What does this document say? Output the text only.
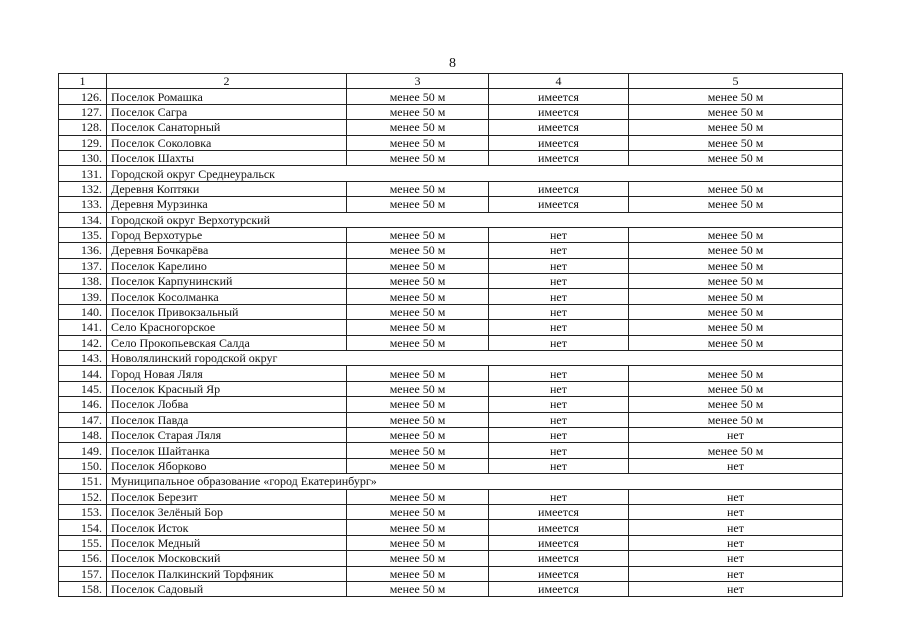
8
1	2	3	4	5
126.	Поселок Ромашка	менее 50 м	имеется	менее 50 м
127.	Поселок Сагра	менее 50 м	имеется	менее 50 м
128.	Поселок Санаторный	менее 50 м	имеется	менее 50 м
129.	Поселок Соколовка	менее 50 м	имеется	менее 50 м
130.	Поселок Шахты	менее 50 м	имеется	менее 50 м
131.	Городской округ Среднеуральск			
132.	Деревня Коптяки	менее 50 м	имеется	менее 50 м
133.	Деревня Мурзинка	менее 50 м	имеется	менее 50 м
134.	Городской округ Верхотурский			
135.	Город Верхотурье	менее 50 м	нет	менее 50 м
136.	Деревня Бочкарёва	менее 50 м	нет	менее 50 м
137.	Поселок Карелино	менее 50 м	нет	менее 50 м
138.	Поселок Карпунинский	менее 50 м	нет	менее 50 м
139.	Поселок Косолманка	менее 50 м	нет	менее 50 м
140.	Поселок Привокзальный	менее 50 м	нет	менее 50 м
141.	Село Красногорское	менее 50 м	нет	менее 50 м
142.	Село Прокопьевская Салда	менее 50 м	нет	менее 50 м
143.	Новолялинский городской округ			
144.	Город Новая Ляля	менее 50 м	нет	менее 50 м
145.	Поселок Красный Яр	менее 50 м	нет	менее 50 м
146.	Поселок Лобва	менее 50 м	нет	менее 50 м
147.	Поселок Павда	менее 50 м	нет	менее 50 м
148.	Поселок Старая Ляля	менее 50 м	нет	нет
149.	Поселок Шайтанка	менее 50 м	нет	менее 50 м
150.	Поселок Яборково	менее 50 м	нет	нет
151.	Муниципальное образование «город Екатеринбург»			
152.	Поселок Березит	менее 50 м	нет	нет
153.	Поселок Зелёный Бор	менее 50 м	имеется	нет
154.	Поселок Исток	менее 50 м	имеется	нет
155.	Поселок Медный	менее 50 м	имеется	нет
156.	Поселок Московский	менее 50 м	имеется	нет
157.	Поселок Палкинский Торфяник	менее 50 м	имеется	нет
158.	Поселок Садовый	менее 50 м	имеется	нет
